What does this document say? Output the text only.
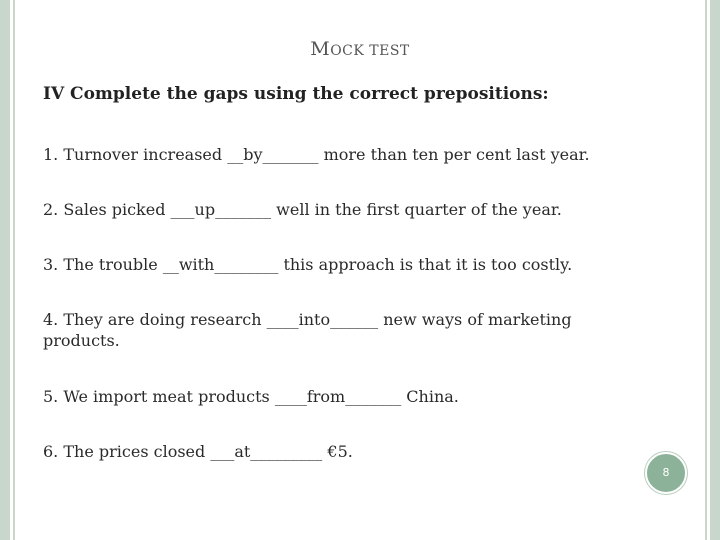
MOCK TEST
IV Complete the gaps using the correct prepositions:
1. Turnover increased __by_______ more than ten per cent last year.
2. Sales picked ___up_______ well in the first quarter of the year.
3. The trouble __with________ this approach is that it is too costly.
4. They are doing research ____into______ new ways of marketing products.
5. We import meat products ____from_______ China.
6. The prices closed ___at_________ €5.
8
